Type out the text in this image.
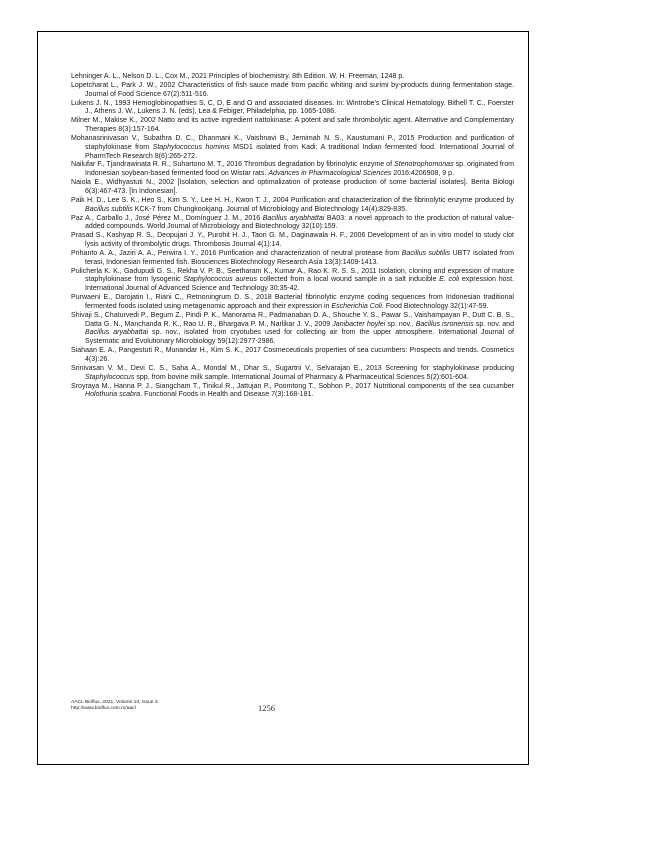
Lehninger A. L., Nelson D. L., Cox M., 2021 Principles of biochemistry. 8th Edition. W. H. Freeman, 1248 p.

Lopetcharat L., Park J. W., 2002 Characteristics of fish sauce made from pacific whiting and surimi by-products during fermentation stage. Journal of Food Science 67(2):511-516.

Lukens J. N., 1993 Hemoglobinopathies S, C, D, E and O and associated diseases. In: Wintrobe's Clinical Hematology. Bithell T. C., Foerster J., Athens J. W., Lukens J. N. (eds), Lea & Febiger, Philadelphia, pp. 1065-1086.

Milner M., Makise K., 2002 Natto and its active ingredient nattokinase: A potent and safe thrombolytic agent. Alternative and Complementary Therapies 8(3):157-164.

Mohanasrinivasan V., Subathra D. C., Dhanmani K., Vaishnavi B., Jemimah N. S., Kaustumani P., 2015 Production and purification of staphylokinase from Staphylococcus hominis MSD1 isolated from Kadi: A traditional Indian fermented food. International Journal of PharmTech Research 8(6):265-272.

Nailufar F., Tjandrawinata R. R., Suhartono M. T., 2016 Thrombus degradation by fibrinolytic enzyme of Stenotrophomonas sp. originated from Indonesian soybean-based fermented food on Wistar rats. Advances in Pharmacological Sciences 2016:4206908, 9 p.

Naiola E., Widhyastuti N., 2002 [Isolation, selection and optimalization of protease production of some bacterial isolates]. Berita Biologi 6(3):467-473. [In Indonesian].

Paik H. D., Lee S. K., Heo S., Kim S. Y., Lee H. H., Kwon T. J., 2004 Purification and characterization of the fibrinolytic enzyme produced by Bacillus subtilis KCK-7 from Chungkookjang. Journal of Microbiology and Biotechnology 14(4):829-835.

Paz A., Carballo J., José Pérez M., Domínguez J. M., 2016 Bacillus aryabhattai BA03: a novel approach to the production of natural value-added compounds. World Journal of Microbiology and Biotechnology 32(10):159.

Prasad S., Kashyap R. S., Deopujari J. Y., Purohit H. J., Taori G. M., Daginawala H. F., 2006 Development of an in vitro model to study clot lysis activity of thrombolytic drugs. Thrombosis Journal 4(1):14.

Prihanto A. A., Jaziri A. A., Perwira I. Y., 2016 Purification and characterization of neutral protease from Bacillus subtilis UBT7 isolated from terasi, Indonesian fermented fish. Biosciences Biotechnology Research Asia 13(3):1409-1413.

Pulicherla K. K., Gadupudi G. S., Rekha V. P. B., Seetharam K., Kumar A., Rao K. R. S. S., 2011 Isolation, cloning and expression of mature staphylokinase from lysogenic Staphylococcus aureus collected from a local wound sample in a salt inducible E. coli expression host. International Journal of Advanced Science and Technology 30:35-42.

Purwaeni E., Darojatin I., Riani C., Retnoningrum D. S., 2018 Bacterial fibrinolytic enzyme coding sequences from Indonesian traditional fermented foods isolated using metagenomic approach and their expression in Escherichia Coli. Food Biotechnology 32(1):47-59.

Shivaji S., Chaturvedi P., Begum Z., Pindi P. K., Manorama R., Padmanaban D. A., Shouche Y. S., Pawar S., Vaishampayan P., Dutt C. B. S., Datta G. N., Manchanda R. K., Rao U. R., Bhargava P. M., Narlikar J. V., 2009 Janibacter hoylei sp. nov., Bacillus isronensis sp. nov. and Bacillus aryabhattai sp. nov., isolated from cryotubes used for collecting air from the upper atmosphere. International Journal of Systematic and Evolutionary Microbiology 59(12):2977-2986.

Siahaan E. A., Pangestuti R., Munandar H., Kim S. K., 2017 Cosmeceuticals properties of sea cucumbers: Prospects and trends. Cosmetics 4(3):26.

Srinivasan V. M., Devi C. S., Saha A., Mondal M., Dhar S., Sugartni V., Selvarajan E., 2013 Screening for staphylokinase producing Staphylococcus spp. from bovine milk sample. International Journal of Pharmacy & Pharmaceutical Sciences 5(2):601-604.

Sroyraya M., Hanna P. J., Siangcham T., Tinikul R., Jattujan P., Poomtong T., Sobhon P., 2017 Nutritional components of the sea cucumber Holothuria scabra. Functional Foods in Health and Disease 7(3):168-181.

AACL Bioflux, 2021, Volume 13, Issue 3.
http://www.bioflux.com.ro/aacl	1256
